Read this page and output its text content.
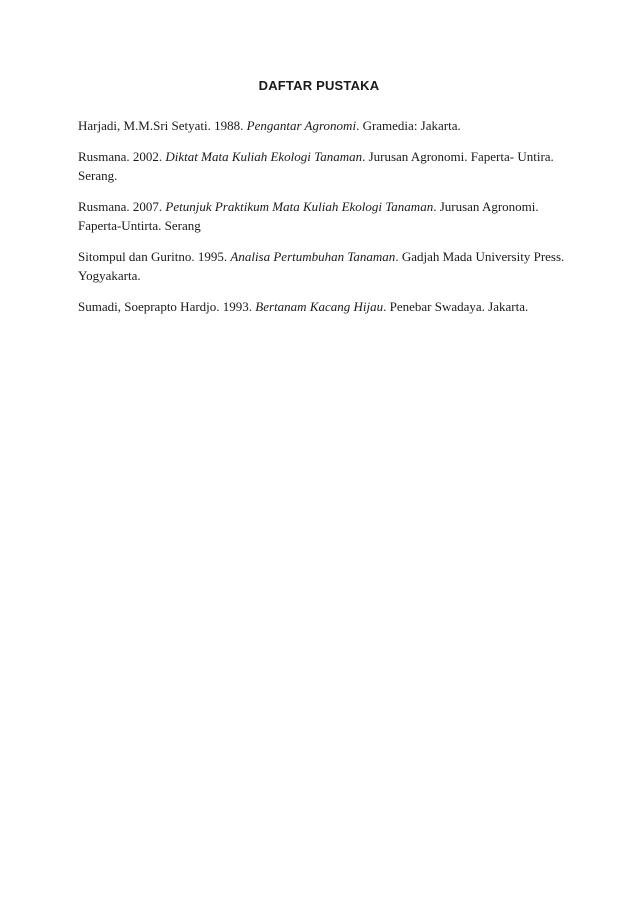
DAFTAR PUSTAKA

Harjadi, M.M.Sri Setyati. 1988. Pengantar Agronomi. Gramedia: Jakarta.

Rusmana. 2002. Diktat Mata Kuliah Ekologi Tanaman. Jurusan Agronomi. Faperta- Untira. Serang.

Rusmana. 2007. Petunjuk Praktikum Mata Kuliah Ekologi Tanaman. Jurusan Agronomi. Faperta-Untirta. Serang

Sitompul dan Guritno. 1995. Analisa Pertumbuhan Tanaman. Gadjah Mada University Press. Yogyakarta.

Sumadi, Soeprapto Hardjo. 1993. Bertanam Kacang Hijau. Penebar Swadaya. Jakarta.
